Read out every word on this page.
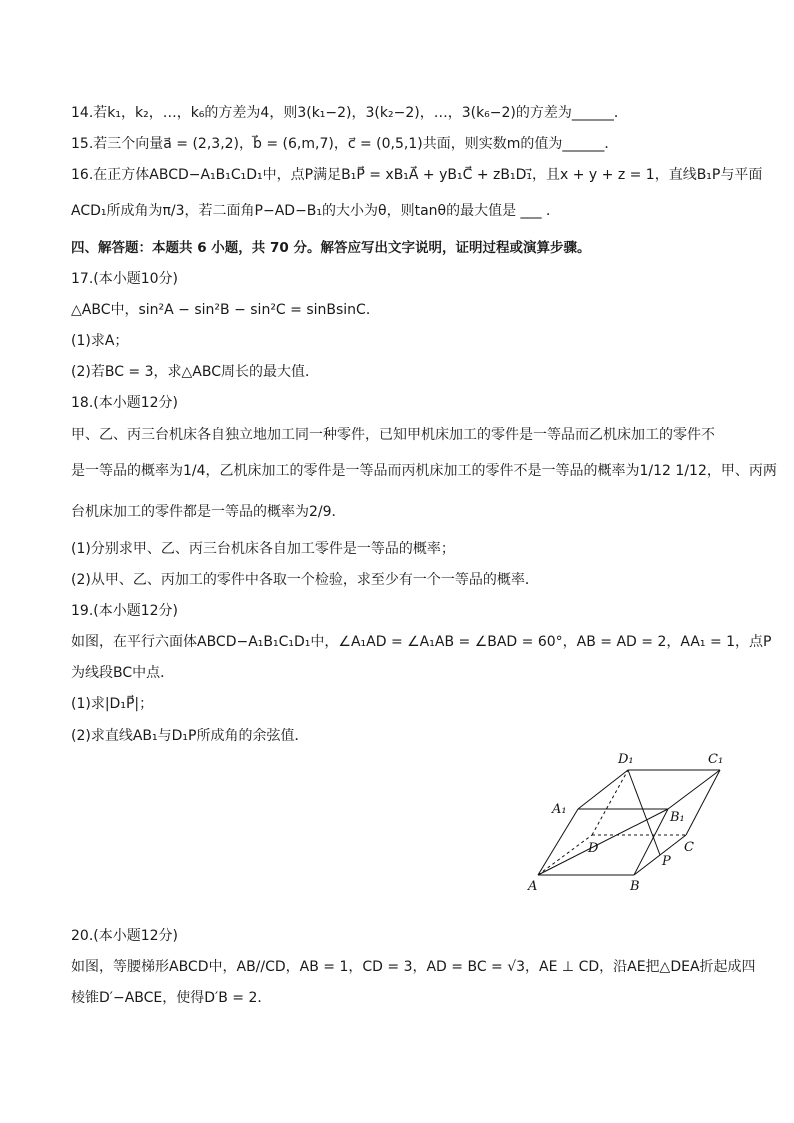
14.若k₁，k₂，…，k₆的方差为4，则3(k₁−2)，3(k₂−2)，…，3(k₆−2)的方差为______．
15.若三个向量a⃗ = (2,3,2)，b⃗ = (6,m,7)，c⃗ = (0,5,1)共面，则实数m的值为______．
16.在正方体ABCD−A₁B₁C₁D₁中，点P满足B₁P⃗ = xB₁A⃗ + yB₁C⃗ + zB₁D₁⃗，且x + y + z = 1，直线B₁P与平面
ACD₁所成角为π/3，若二面角P−AD−B₁的大小为θ，则tanθ的最大值是 ___ ．
四、解答题：本题共 6 小题，共 70 分。解答应写出文字说明，证明过程或演算步骤。
17.(本小题10分)
△ABC中，sin²A − sin²B − sin²C = sinBsinC．
(1)求A；
(2)若BC = 3，求△ABC周长的最大值．
18.(本小题12分)
甲、乙、丙三台机床各自独立地加工同一种零件，已知甲机床加工的零件是一等品而乙机床加工的零件不
是一等品的概率为1/4，乙机床加工的零件是一等品而丙机床加工的零件不是一等品的概率为1/12 1/12，甲、丙两
台机床加工的零件都是一等品的概率为2/9．
(1)分别求甲、乙、丙三台机床各自加工零件是一等品的概率；
(2)从甲、乙、丙加工的零件中各取一个检验，求至少有一个一等品的概率．
19.(本小题12分)
如图，在平行六面体ABCD−A₁B₁C₁D₁中，∠A₁AD = ∠A₁AB = ∠BAD = 60°，AB = AD = 2，AA₁ = 1，点P
为线段BC中点．
(1)求|D₁P⃗|；
(2)求直线AB₁与D₁P所成角的余弦值．
D₁	C₁
A₁
B₁
D	C
P
A	B
20.(本小题12分)
如图，等腰梯形ABCD中，AB//CD，AB = 1，CD = 3，AD = BC = √3，AE ⊥ CD，沿AE把△DEA折起成四
棱锥D′−ABCE，使得D′B = 2．
